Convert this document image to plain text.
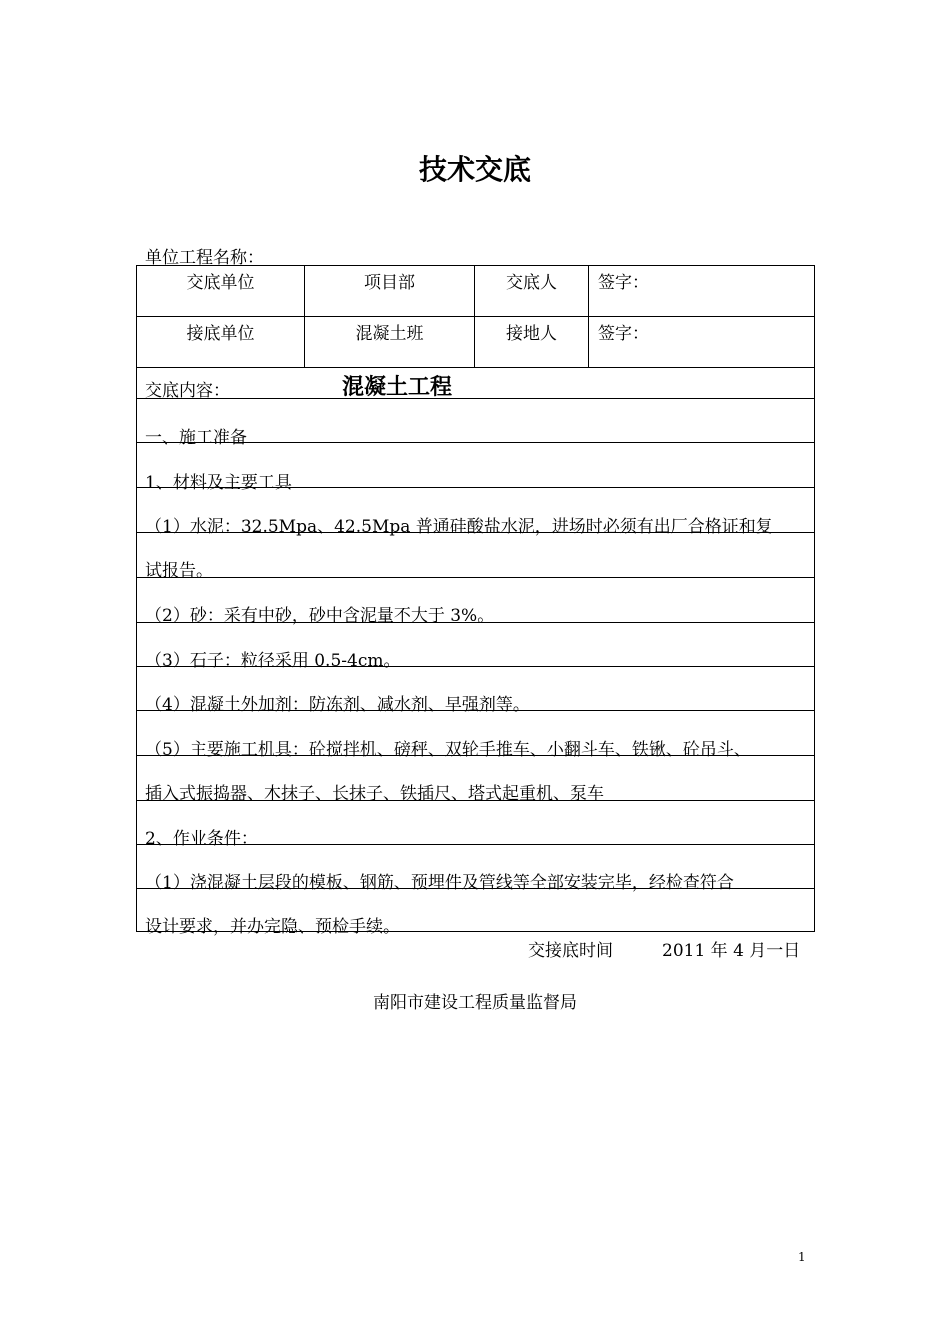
技术交底
单位工程名称：
交底单位	项目部	交底人	签字：
接底单位	混凝土班	接地人	签字：
交底内容：	混凝土工程
一、施工准备
1、材料及主要工具
（1）水泥：32.5Mpa、42.5Mpa 普通硅酸盐水泥，进场时必须有出厂合格证和复
试报告。
（2）砂：采有中砂，砂中含泥量不大于 3%。
（3）石子：粒径采用 0.5-4cm。
（4）混凝土外加剂：防冻剂、减水剂、早强剂等。
（5）主要施工机具：砼搅拌机、磅秤、双轮手推车、小翻斗车、铁锹、砼吊斗、
插入式振捣器、木抹子、长抹子、铁插尺、塔式起重机、泵车
2、作业条件：
（1）浇混凝土层段的模板、钢筋、预埋件及管线等全部安装完毕，经检查符合
设计要求，并办完隐、预检手续。
交接底时间	2011 年 4 月一日
南阳市建设工程质量监督局
1
